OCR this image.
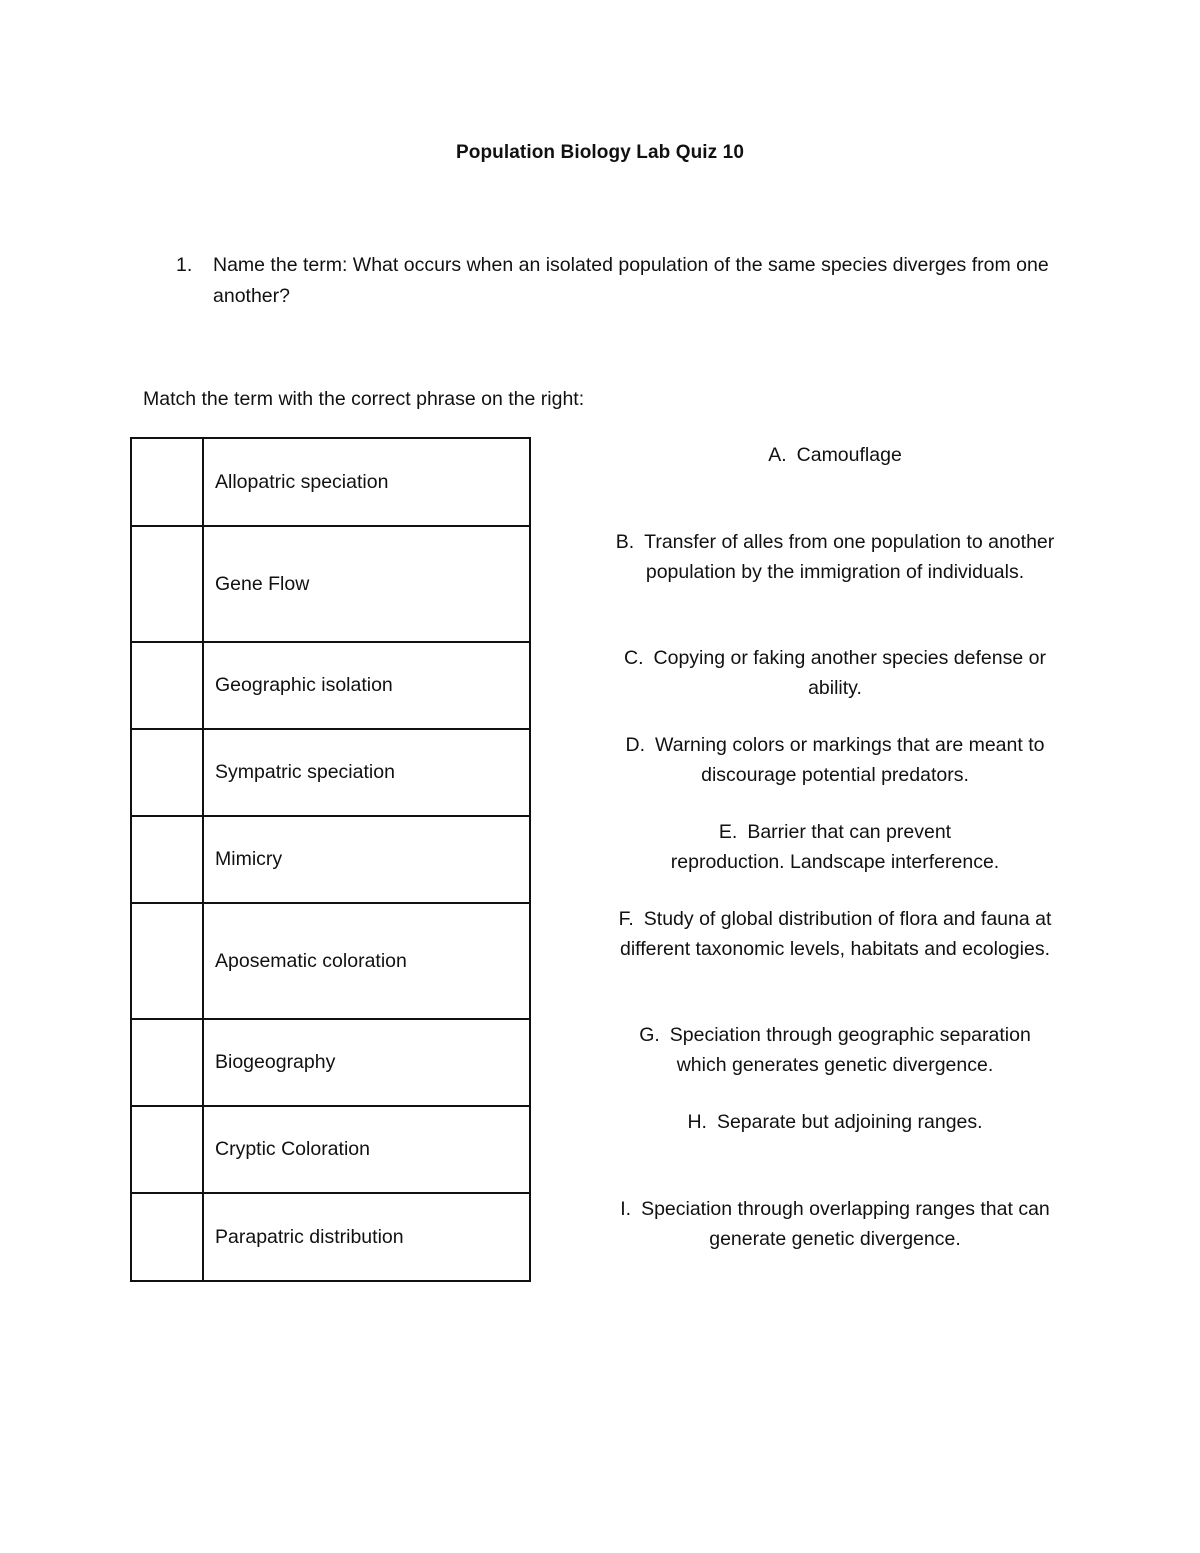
Population Biology Lab Quiz 10
1. Name the term: What occurs when an isolated population of the same species diverges from one another?
Match the term with the correct phrase on the right:
	Allopatric speciation
	Gene Flow
	Geographic isolation
	Sympatric speciation
	Mimicry
	Aposematic coloration
	Biogeography
	Cryptic Coloration
	Parapatric distribution
A. Camouflage
B. Transfer of alles from one population to another population by the immigration of individuals.
C. Copying or faking another species defense or ability.
D. Warning colors or markings that are meant to discourage potential predators.
E. Barrier that can prevent reproduction. Landscape interference.
F. Study of global distribution of flora and fauna at different taxonomic levels, habitats and ecologies.
G. Speciation through geographic separation which generates genetic divergence.
H. Separate but adjoining ranges.
I. Speciation through overlapping ranges that can generate genetic divergence.
